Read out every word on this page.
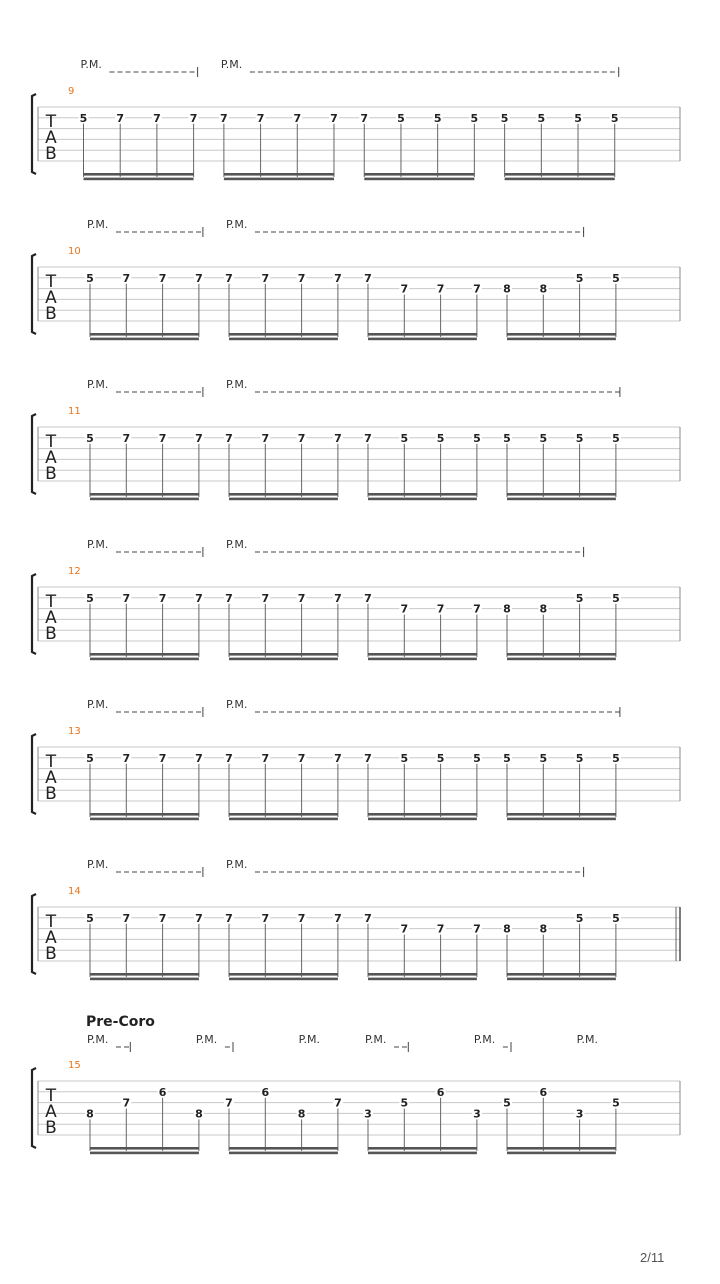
T
A
B
9
5	7	7	7 7	7	7	7 7	5	5	5 5	5	5	5
P.M.	P.M.
T
A
B
10
5	7	7	7 7	7	7	7 7
7	7	7 8	8
5	5
P.M.	P.M.
T
A
B
11
5	7	7	7 7	7	7	7 7	5	5	5 5	5	5	5
P.M.	P.M.
T
A
B
12
5	7	7	7 7	7	7	7 7
7	7	7 8	8
5	5
P.M.	P.M.
T
A
B
13
5	7	7	7 7	7	7	7 7	5	5	5 5	5	5	5
P.M.	P.M.
T
A
B
14
5	7	7	7 7	7	7	7 7
7	7	7 8	8
5	5
P.M.	P.M.
T
A
B
15
8
7
6
8
7
6
8
7
3
5
6
3
5
6
3
5
P.M.	P.M.	P.M.	P.M.	P.M.	P.M.
Pre-Coro
2/11
